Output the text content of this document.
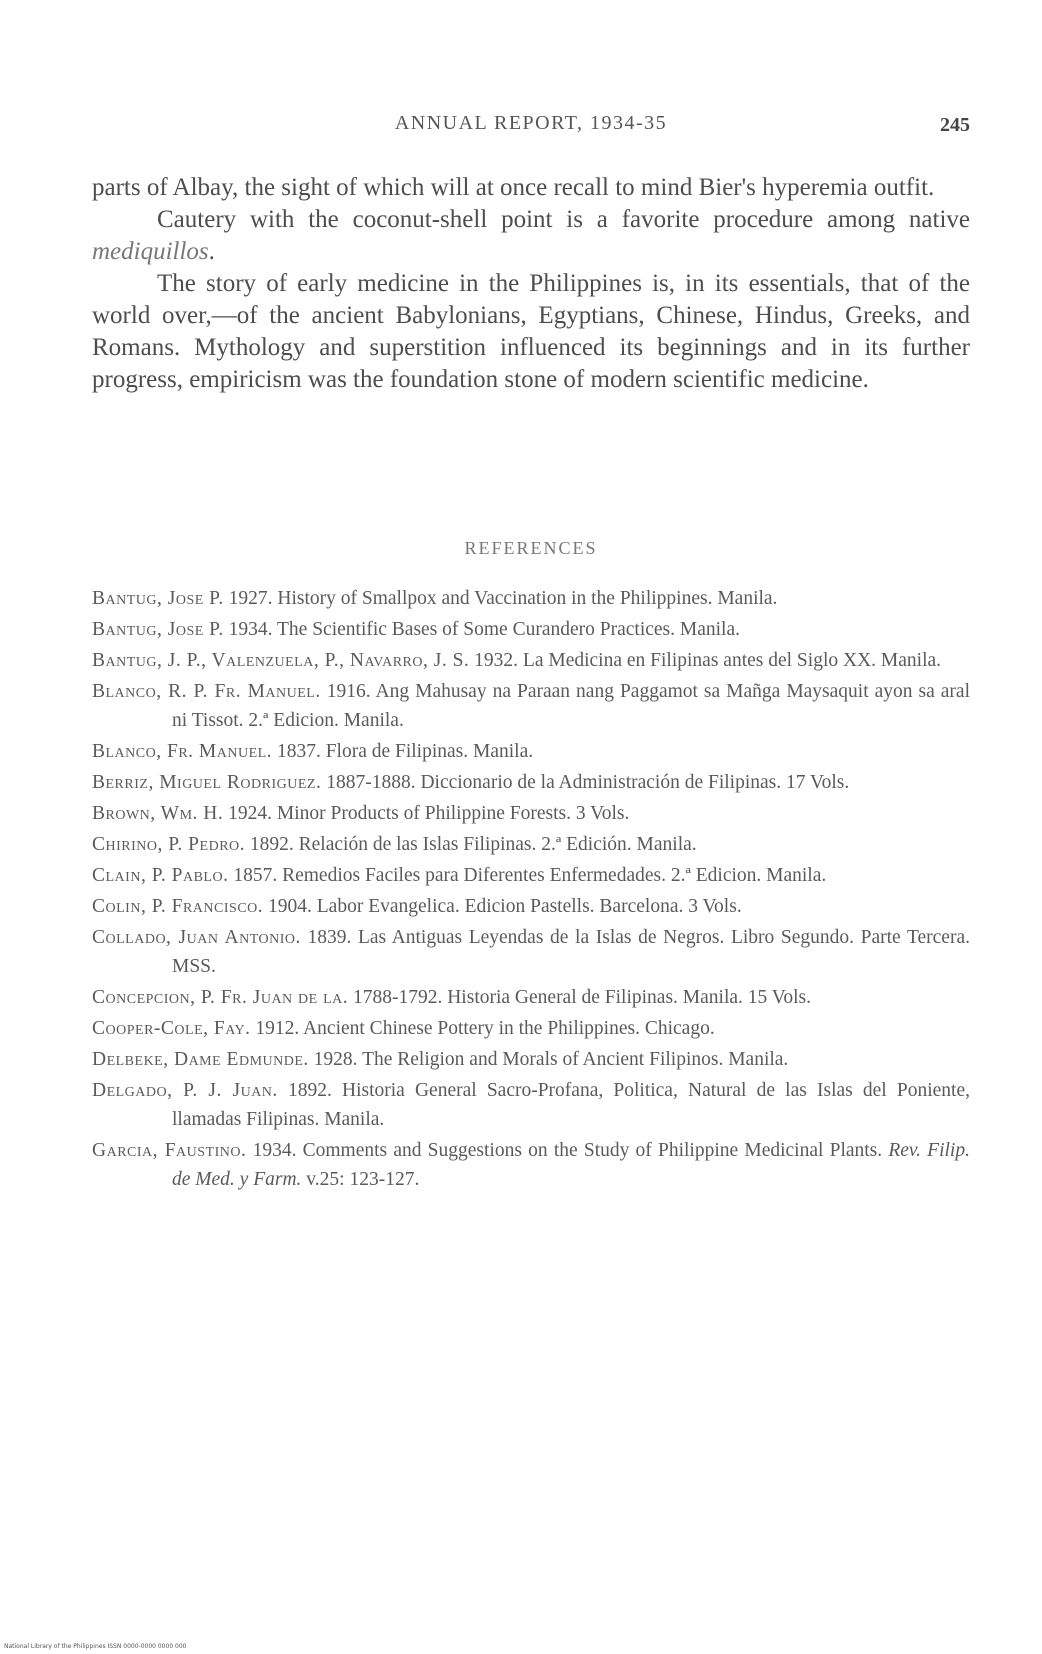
ANNUAL REPORT, 1934-35	245

parts of Albay, the sight of which will at once recall to mind Bier's hyperemia outfit.

Cautery with the coconut-shell point is a favorite procedure among native mediquillos.

The story of early medicine in the Philippines is, in its essentials, that of the world over,—of the ancient Babylonians, Egyptians, Chinese, Hindus, Greeks, and Romans. Mythology and superstition influenced its beginnings and in its further progress, empiricism was the foundation stone of modern scientific medicine.

REFERENCES

Bantug, Jose P. 1927. History of Smallpox and Vaccination in the Philippines. Manila.

Bantug, Jose P. 1934. The Scientific Bases of Some Curandero Practices. Manila.

Bantug, J. P., Valenzuela, P., Navarro, J. S. 1932. La Medicina en Filipinas antes del Siglo XX. Manila.

Blanco, R. P. Fr. Manuel. 1916. Ang Mahusay na Paraan nang Paggamot sa Mañga Maysaquit ayon sa aral ni Tissot. 2.ª Edicion. Manila.

Blanco, Fr. Manuel. 1837. Flora de Filipinas. Manila.

Berriz, Miguel Rodriguez. 1887-1888. Diccionario de la Administración de Filipinas. 17 Vols.

Brown, Wm. H. 1924. Minor Products of Philippine Forests. 3 Vols.

Chirino, P. Pedro. 1892. Relación de las Islas Filipinas. 2.ª Edición. Manila.

Clain, P. Pablo. 1857. Remedios Faciles para Diferentes Enfermedades. 2.ª Edicion. Manila.

Colin, P. Francisco. 1904. Labor Evangelica. Edicion Pastells. Barcelona. 3 Vols.

Collado, Juan Antonio. 1839. Las Antiguas Leyendas de la Islas de Negros. Libro Segundo. Parte Tercera. MSS.

Concepcion, P. Fr. Juan de la. 1788-1792. Historia General de Filipinas. Manila. 15 Vols.

Cooper-Cole, Fay. 1912. Ancient Chinese Pottery in the Philippines. Chicago.

Delbeke, Dame Edmunde. 1928. The Religion and Morals of Ancient Filipinos. Manila.

Delgado, P. J. Juan. 1892. Historia General Sacro-Profana, Politica, Natural de las Islas del Poniente, llamadas Filipinas. Manila.

Garcia, Faustino. 1934. Comments and Suggestions on the Study of Philippine Medicinal Plants. Rev. Filip. de Med. y Farm. v.25: 123-127.

National Library of the Philippines ISSN 0000-0000 0000 000
